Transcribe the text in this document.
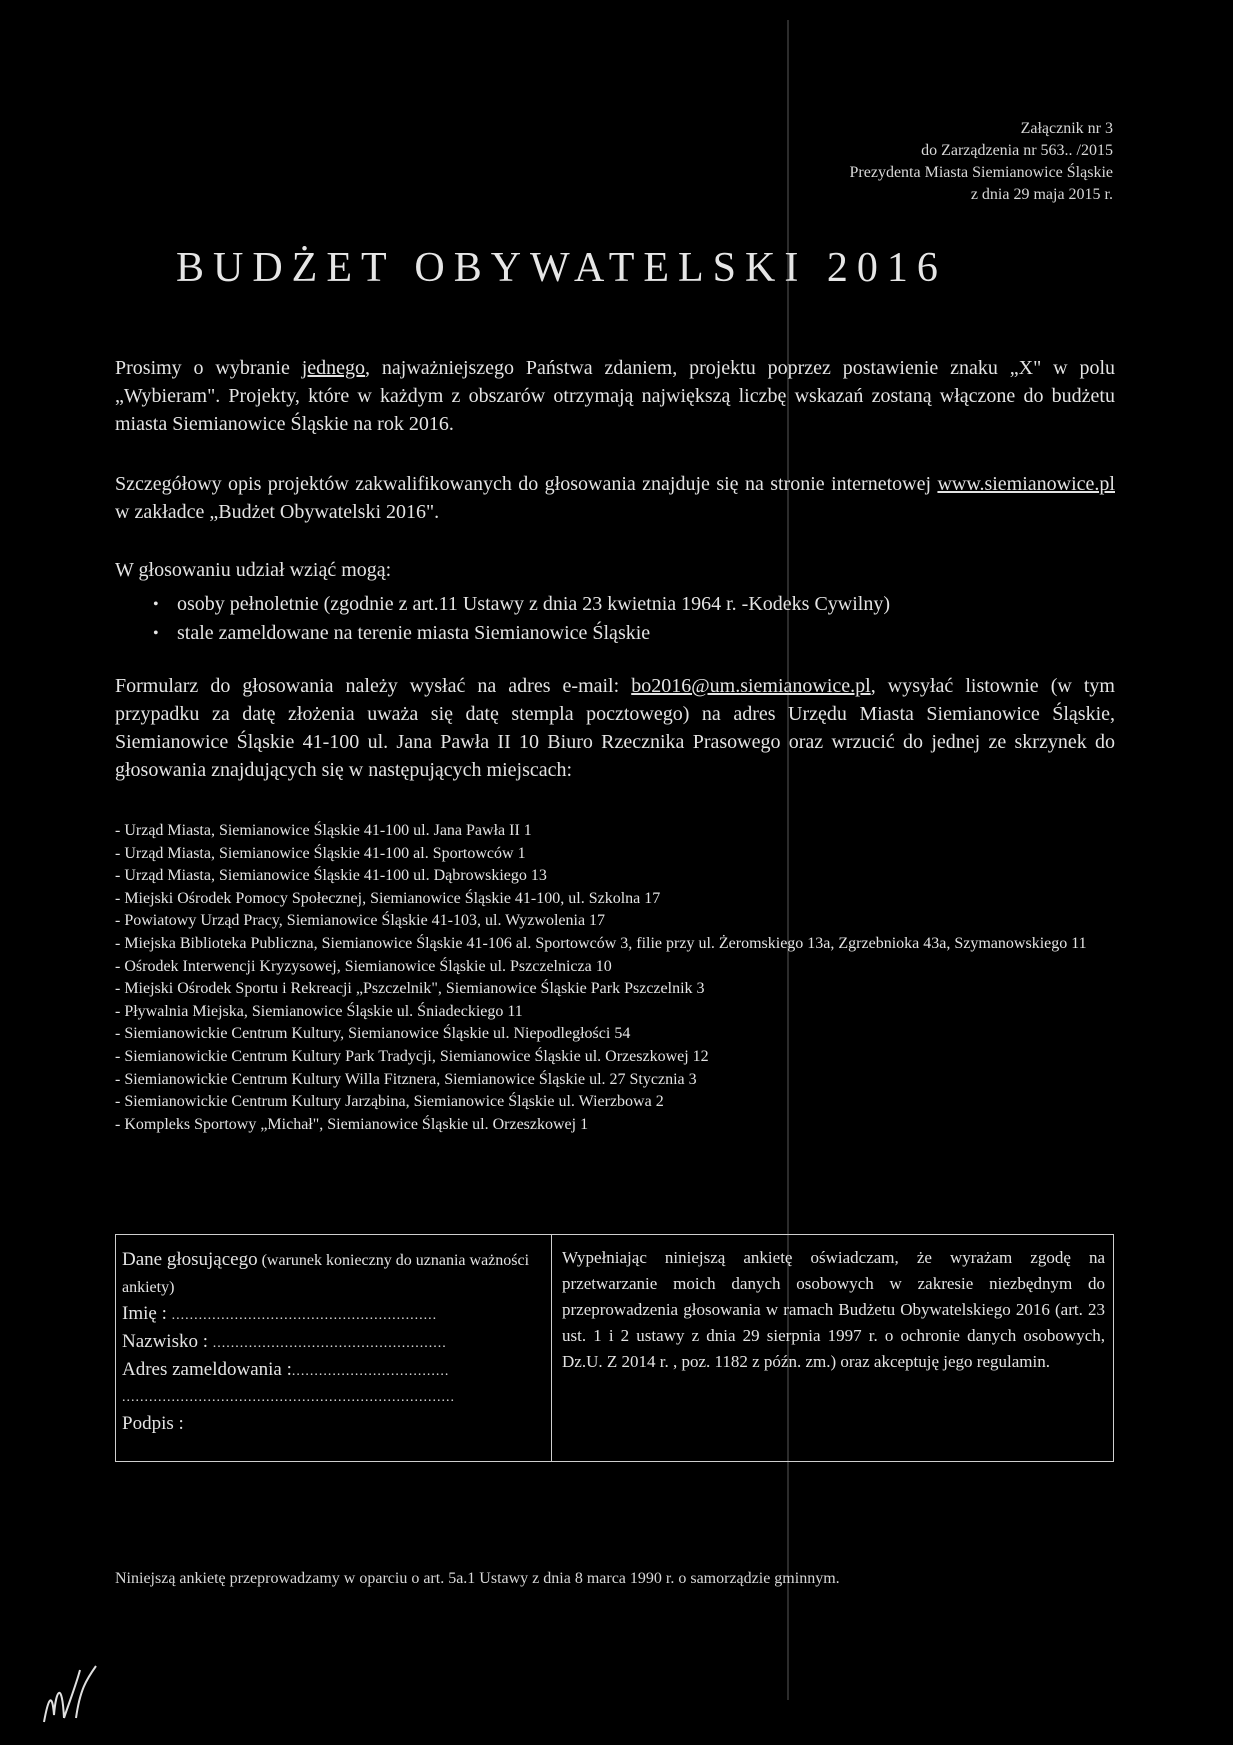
Załącznik nr 3
do Zarządzenia nr 563.. /2015
Prezydenta Miasta Siemianowice Śląskie
z dnia 29 maja 2015 r.
BUDŻET OBYWATELSKI 2016

Prosimy o wybranie jednego, najważniejszego Państwa zdaniem, projektu poprzez postawienie znaku „X" w polu „Wybieram". Projekty, które w każdym z obszarów otrzymają największą liczbę wskazań zostaną włączone do budżetu miasta Siemianowice Śląskie na rok 2016.

Szczegółowy opis projektów zakwalifikowanych do głosowania znajduje się na stronie internetowej www.siemianowice.pl w zakładce „Budżet Obywatelski 2016".

W głosowaniu udział wziąć mogą:

• osoby pełnoletnie (zgodnie z art.11 Ustawy z dnia 23 kwietnia 1964 r. -Kodeks Cywilny)
• stale zameldowane na terenie miasta Siemianowice Śląskie

Formularz do głosowania należy wysłać na adres e-mail: bo2016@um.siemianowice.pl, wysyłać listownie (w tym przypadku za datę złożenia uważa się datę stempla pocztowego) na adres Urzędu Miasta Siemianowice Śląskie, Siemianowice Śląskie 41-100 ul. Jana Pawła II 10 Biuro Rzecznika Prasowego oraz wrzucić do jednej ze skrzynek do głosowania znajdujących się w następujących miejscach:

- Urząd Miasta, Siemianowice Śląskie 41-100 ul. Jana Pawła II 1
- Urząd Miasta, Siemianowice Śląskie 41-100 al. Sportowców 1
- Urząd Miasta, Siemianowice Śląskie 41-100 ul. Dąbrowskiego 13
- Miejski Ośrodek Pomocy Społecznej, Siemianowice Śląskie 41-100, ul. Szkolna 17
- Powiatowy Urząd Pracy, Siemianowice Śląskie 41-103, ul. Wyzwolenia 17
- Miejska Biblioteka Publiczna, Siemianowice Śląskie 41-106 al. Sportowców 3, filie przy ul. Żeromskiego 13a, Zgrzebnioka 43a, Szymanowskiego 11
- Ośrodek Interwencji Kryzysowej, Siemianowice Śląskie ul. Pszczelnicza 10
- Miejski Ośrodek Sportu i Rekreacji „Pszczelnik", Siemianowice Śląskie Park Pszczelnik 3
- Pływalnia Miejska, Siemianowice Śląskie ul. Śniadeckiego 11
- Siemianowickie Centrum Kultury, Siemianowice Śląskie ul. Niepodległości 54
- Siemianowickie Centrum Kultury Park Tradycji, Siemianowice Śląskie ul. Orzeszkowej 12
- Siemianowickie Centrum Kultury Willa Fitznera, Siemianowice Śląskie ul. 27 Stycznia 3
- Siemianowickie Centrum Kultury Jarząbina, Siemianowice Śląskie ul. Wierzbowa 2
- Kompleks Sportowy „Michał", Siemianowice Śląskie ul. Orzeszkowej 1
Dane głosującego (warunek konieczny do uznania ważności ankiety)
Imię : ...........................................................
Nazwisko : ....................................................
Adres zameldowania :...................................
..........................................................................
Podpis :
Wypełniając niniejszą ankietę oświadczam, że wyrażam zgodę na przetwarzanie moich danych osobowych w zakresie niezbędnym do przeprowadzenia głosowania w ramach Budżetu Obywatelskiego 2016 (art. 23 ust. 1 i 2 ustawy z dnia 29 sierpnia 1997 r. o ochronie danych osobowych, Dz.U. Z 2014 r. , poz. 1182 z późn. zm.) oraz akceptuję jego regulamin.
Niniejszą ankietę przeprowadzamy w oparciu o art. 5a.1 Ustawy z dnia 8 marca 1990 r. o samorządzie gminnym.
